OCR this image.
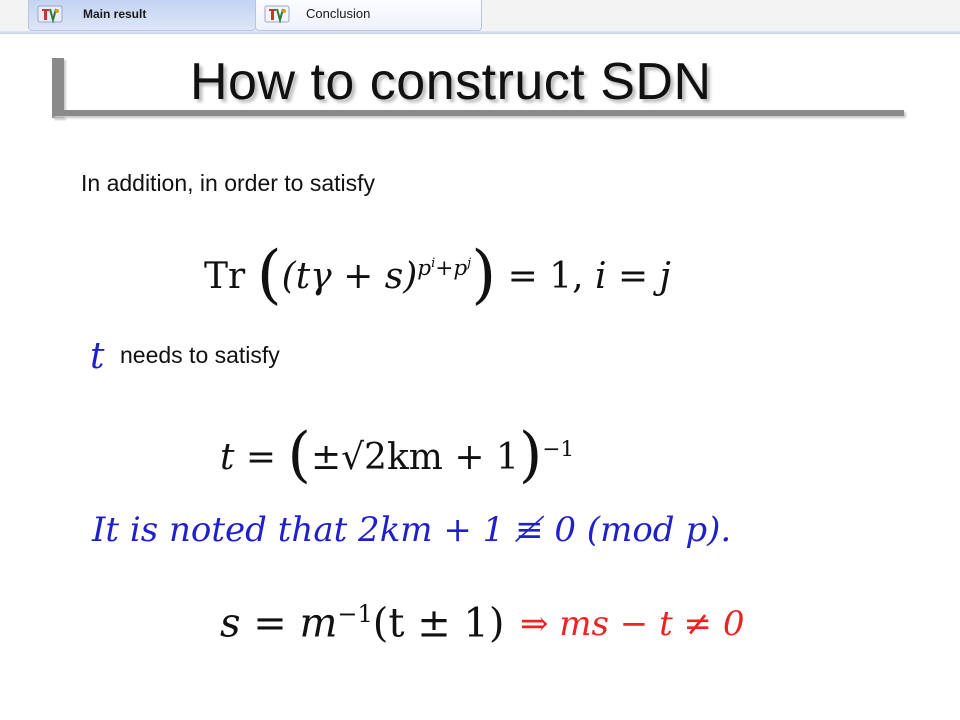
Main result	Conclusion
How to construct SDN
In addition, in order to satisfy
Tr $((t\gamma + s)^{p^i+p^j}) = 1$, i = j
t needs to satisfy
$t = (\pm√2km + 1)^{-1}$
It is noted that 2km + 1 ≢ 0 (mod p).
$s = m^{-1}(t \pm 1)$ ⇒ ms − t ≠ 0
